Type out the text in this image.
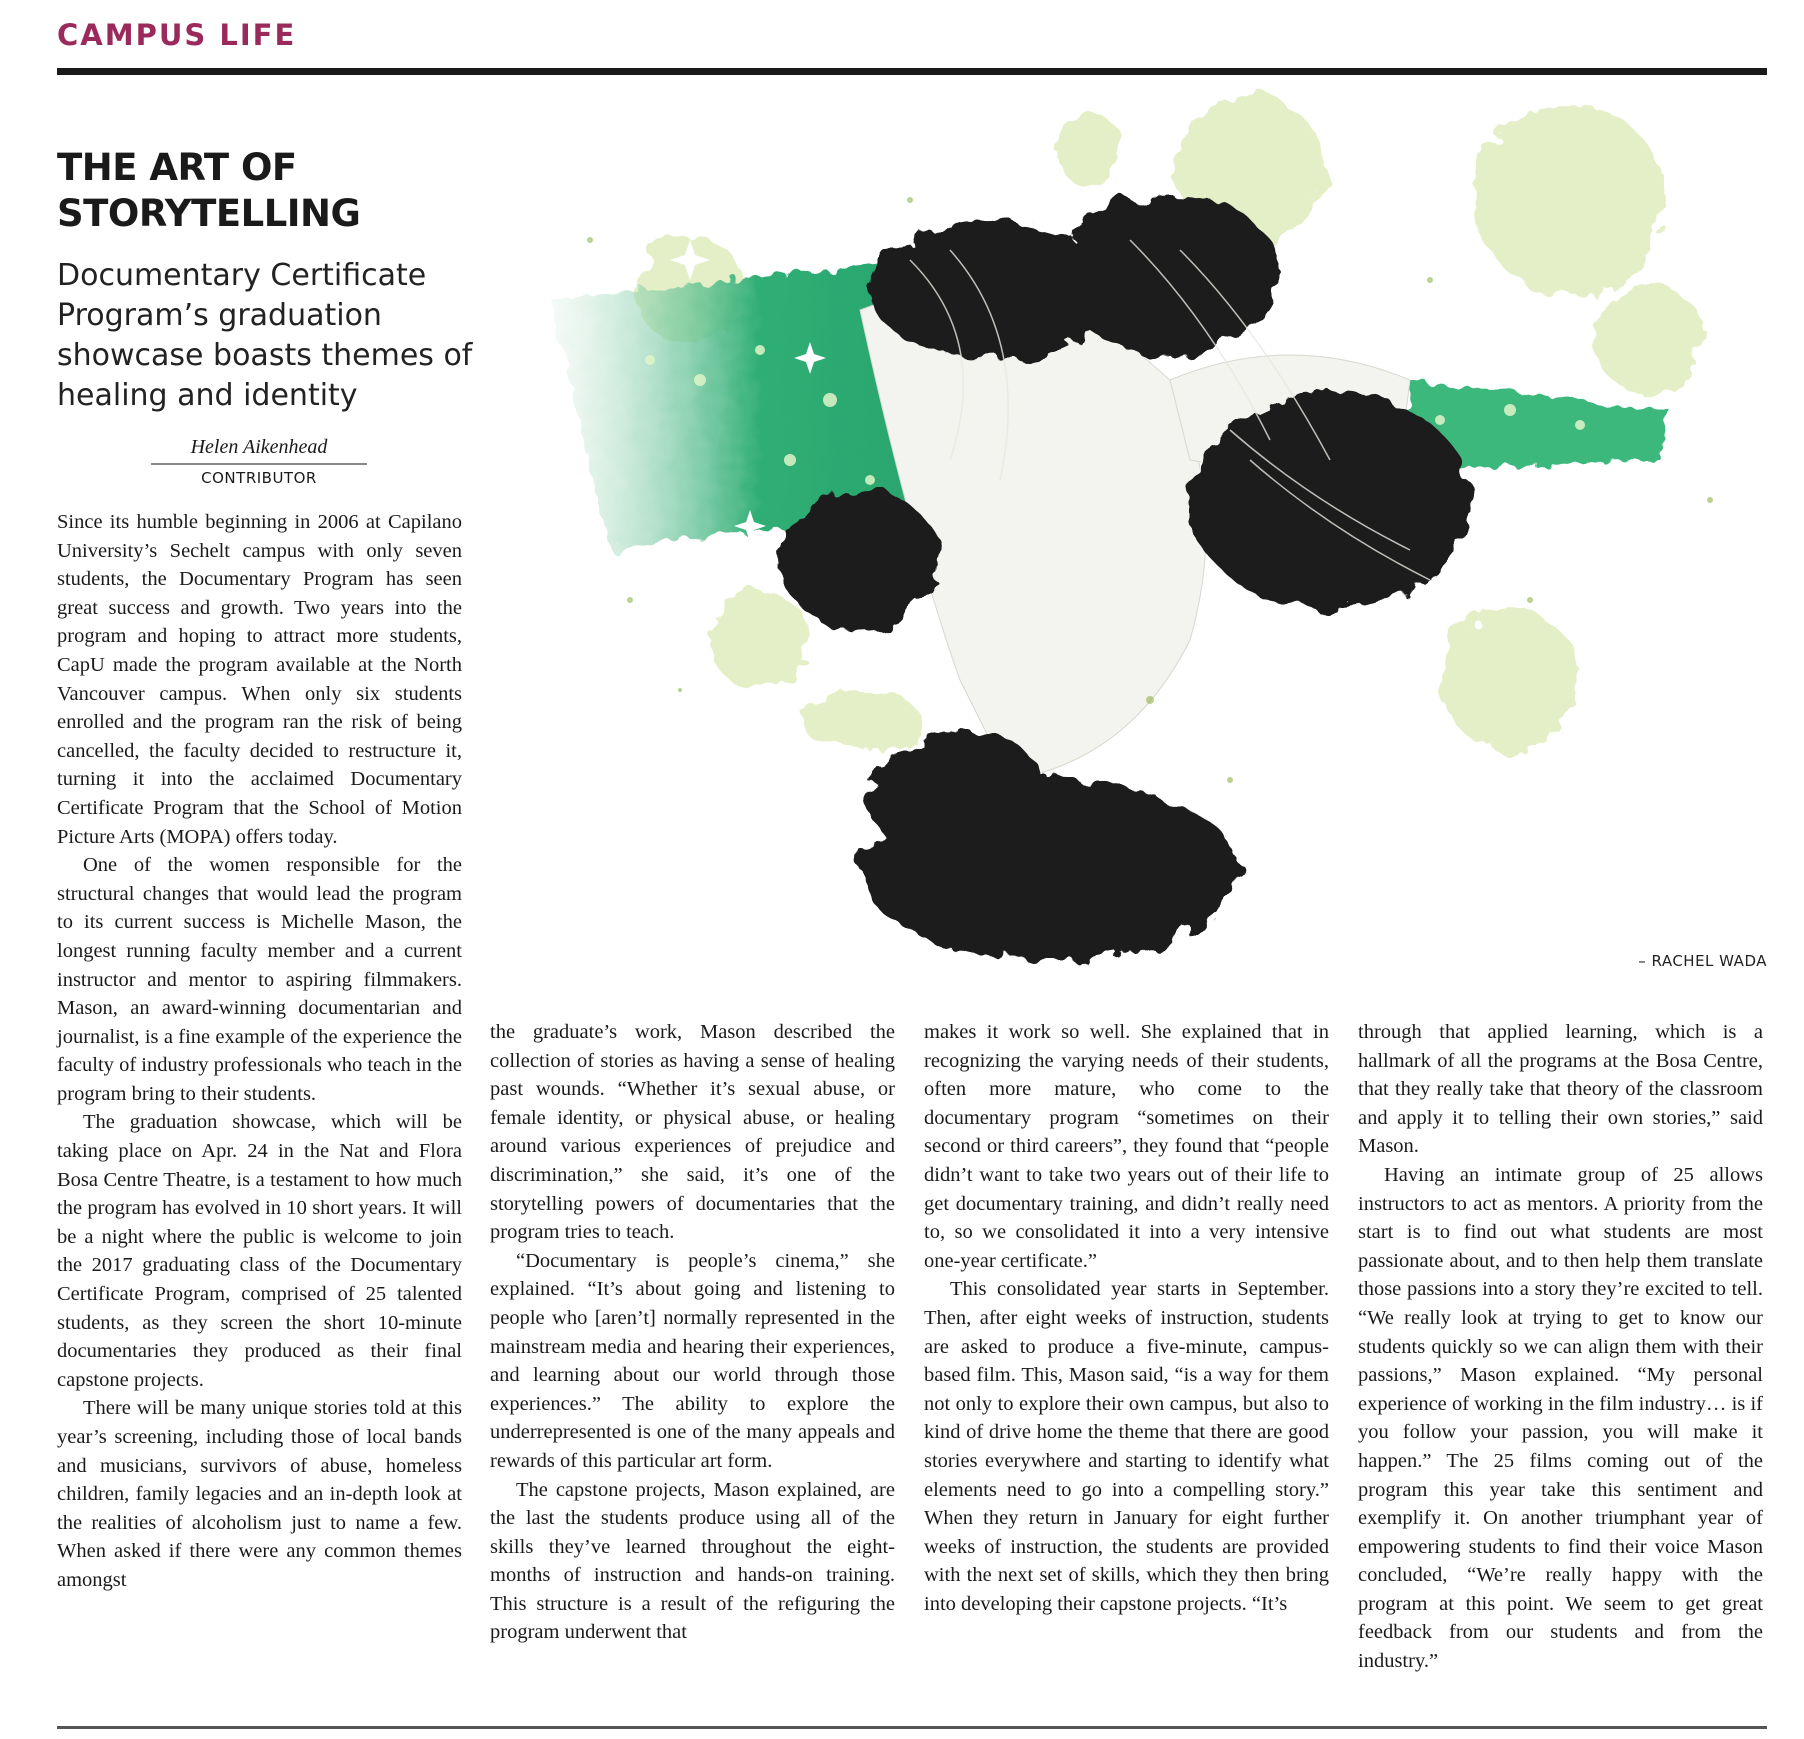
CAMPUS LIFE
THE ART OF
STORYTELLING
Documentary Certificate Program’s graduation showcase boasts themes of healing and identity
Helen Aikenhead
CONTRIBUTOR
– RACHEL WADA

Since its humble beginning in 2006 at Capilano University’s Sechelt campus with only seven students, the Documentary Program has seen great success and growth. Two years into the program and hoping to attract more students, CapU made the program available at the North Vancouver campus. When only six students enrolled and the program ran the risk of being cancelled, the faculty decided to restructure it, turning it into the acclaimed Documentary Certificate Program that the School of Motion Picture Arts (MOPA) offers today.

One of the women responsible for the structural changes that would lead the program to its current success is Michelle Mason, the longest running faculty member and a current instructor and mentor to aspiring filmmakers. Mason, an award-winning documentarian and journalist, is a fine example of the experience the faculty of industry professionals who teach in the program bring to their students.

The graduation showcase, which will be taking place on Apr. 24 in the Nat and Flora Bosa Centre Theatre, is a testament to how much the program has evolved in 10 short years. It will be a night where the public is welcome to join the 2017 graduating class of the Documentary Certificate Program, comprised of 25 talented students, as they screen the short 10-minute documentaries they produced as their final capstone projects.

There will be many unique stories told at this year’s screening, including those of local bands and musicians, survivors of abuse, homeless children, family legacies and an in-depth look at the realities of alcoholism just to name a few. When asked if there were any common themes amongst

the graduate’s work, Mason described the collection of stories as having a sense of healing past wounds. “Whether it’s sexual abuse, or female identity, or physical abuse, or healing around various experiences of prejudice and discrimination,” she said, it’s one of the storytelling powers of documentaries that the program tries to teach.

“Documentary is people’s cinema,” she explained. “It’s about going and listening to people who [aren’t] normally represented in the mainstream media and hearing their experiences, and learning about our world through those experiences.” The ability to explore the underrepresented is one of the many appeals and rewards of this particular art form.

The capstone projects, Mason explained, are the last the students produce using all of the skills they’ve learned throughout the eight-months of instruction and hands-on training. This structure is a result of the refiguring the program underwent that

makes it work so well. She explained that in recognizing the varying needs of their students, often more mature, who come to the documentary program “sometimes on their second or third careers”, they found that “people didn’t want to take two years out of their life to get documentary training, and didn’t really need to, so we consolidated it into a very intensive one-year certificate.”

This consolidated year starts in September. Then, after eight weeks of instruction, students are asked to produce a five-minute, campus-based film. This, Mason said, “is a way for them not only to explore their own campus, but also to kind of drive home the theme that there are good stories everywhere and starting to identify what elements need to go into a compelling story.” When they return in January for eight further weeks of instruction, the students are provided with the next set of skills, which they then bring into developing their capstone projects. “It’s

through that applied learning, which is a hallmark of all the programs at the Bosa Centre, that they really take that theory of the classroom and apply it to telling their own stories,” said Mason.

Having an intimate group of 25 allows instructors to act as mentors. A priority from the start is to find out what students are most passionate about, and to then help them translate those passions into a story they’re excited to tell. “We really look at trying to get to know our students quickly so we can align them with their passions,” Mason explained. “My personal experience of working in the film industry… is if you follow your passion, you will make it happen.” The 25 films coming out of the program this year take this sentiment and exemplify it. On another triumphant year of empowering students to find their voice Mason concluded, “We’re really happy with the program at this point. We seem to get great feedback from our students and from the industry.”
